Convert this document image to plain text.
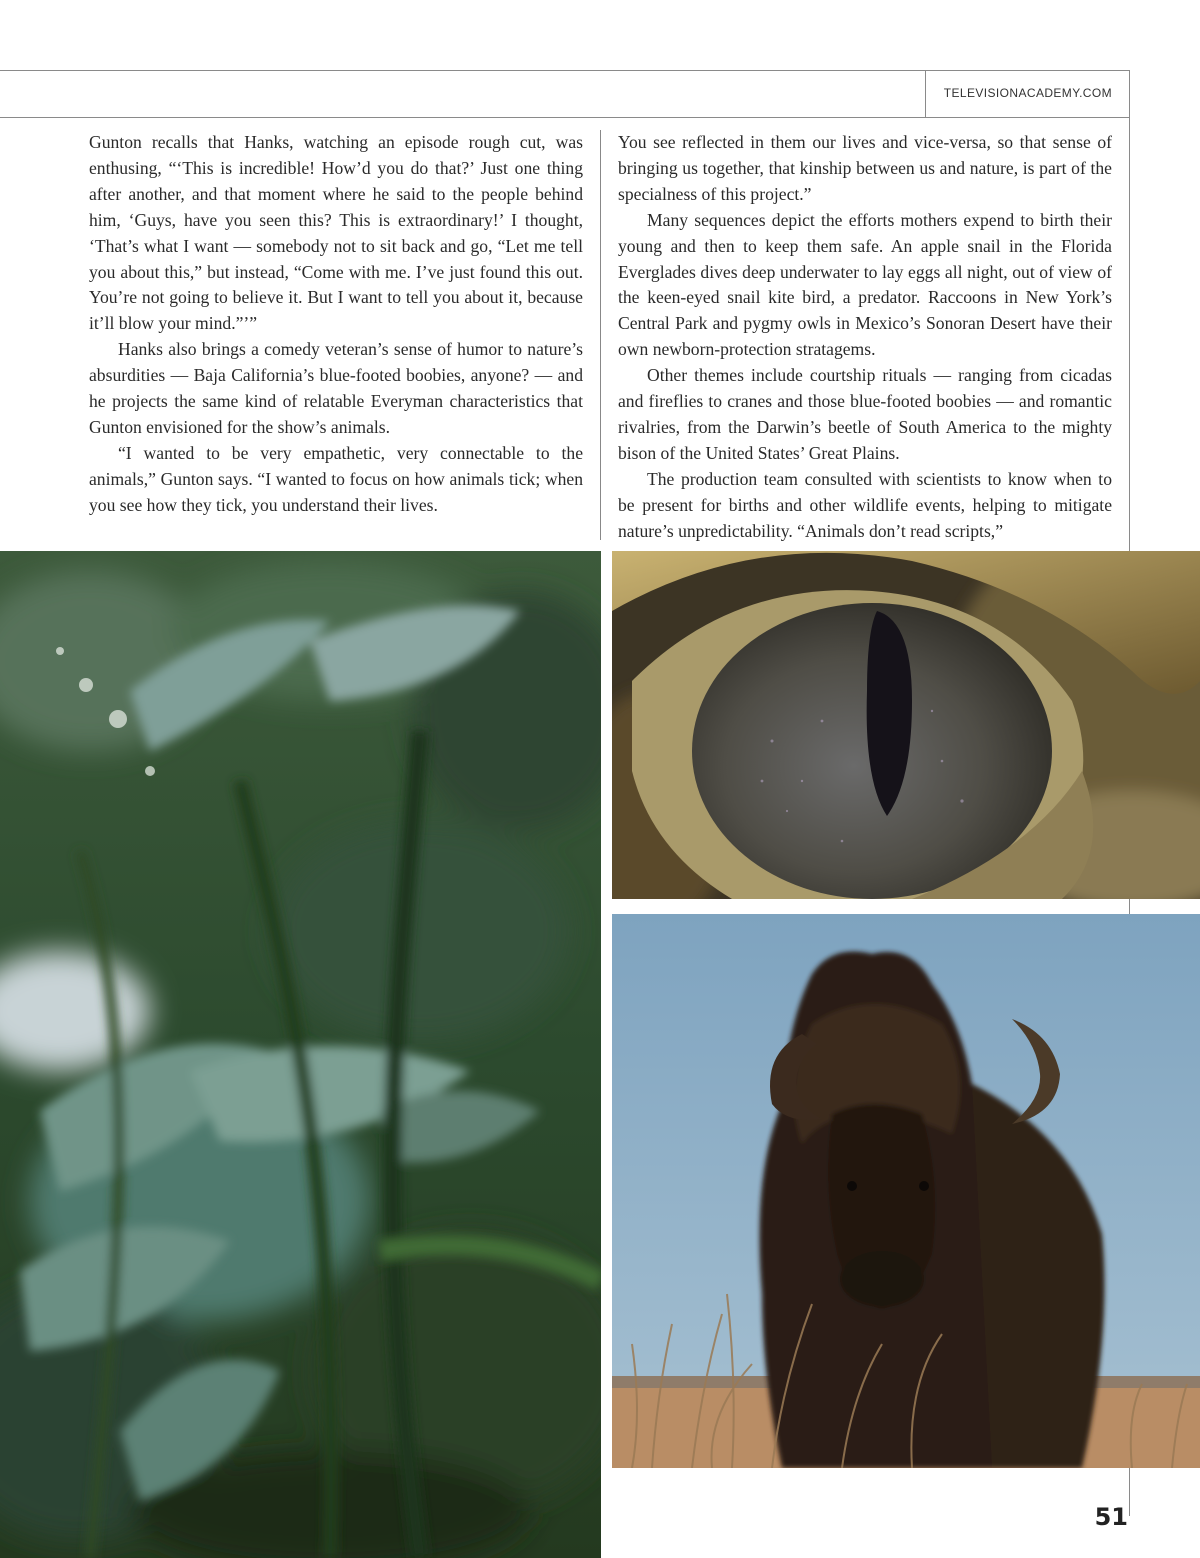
TELEVISIONACADEMY.COM

Gunton recalls that Hanks, watching an episode rough cut, was enthusing, “‘This is incredible! How’d you do that?’ Just one thing after another, and that moment where he said to the people behind him, ‘Guys, have you seen this? This is extraordinary!’ I thought, ‘That’s what I want — somebody not to sit back and go, “Let me tell you about this,” but instead, “Come with me. I’ve just found this out. You’re not going to believe it. But I want to tell you about it, because it’ll blow your mind.”’”

Hanks also brings a comedy veteran’s sense of humor to nature’s absurdities — Baja California’s blue-footed boobies, anyone? — and he projects the same kind of relatable Everyman characteristics that Gunton envisioned for the show’s animals.

“I wanted to be very empathetic, very connectable to the animals,” Gunton says. “I wanted to focus on how animals tick; when you see how they tick, you understand their lives.

You see reflected in them our lives and vice-versa, so that sense of bringing us together, that kinship between us and nature, is part of the specialness of this project.”

Many sequences depict the efforts mothers expend to birth their young and then to keep them safe. An apple snail in the Florida Everglades dives deep underwater to lay eggs all night, out of view of the keen-eyed snail kite bird, a predator. Raccoons in New York’s Central Park and pygmy owls in Mexico’s Sonoran Desert have their own newborn-protection stratagems.

Other themes include courtship rituals — ranging from cicadas and fireflies to cranes and those blue-footed boobies — and romantic rivalries, from the Darwin’s beetle of South America to the mighty bison of the United States’ Great Plains.

The production team consulted with scientists to know when to be present for births and other wildlife events, helping to mitigate nature’s unpredictability. “Animals don’t read scripts,”

51
